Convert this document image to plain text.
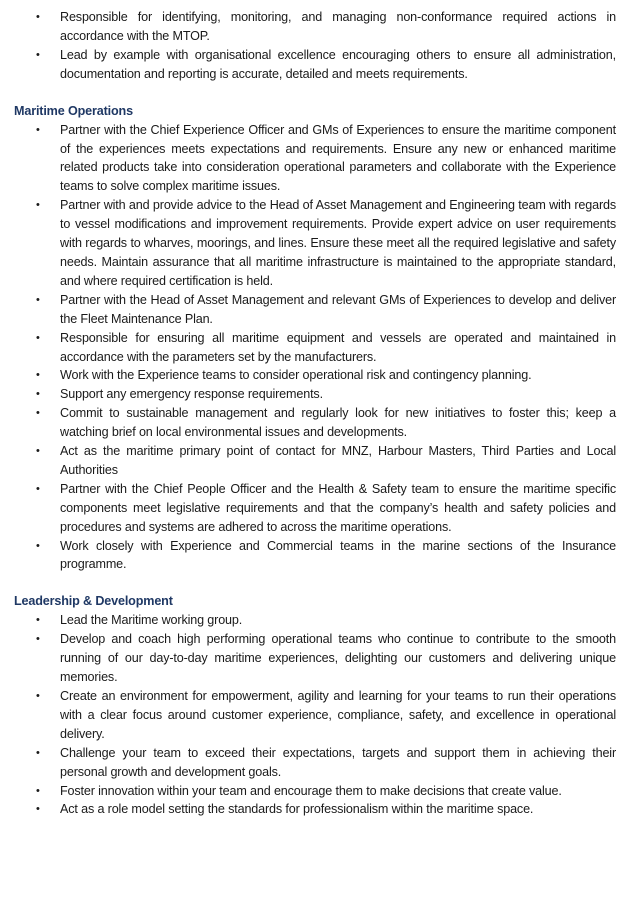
• Responsible for identifying, monitoring, and managing non-conformance required actions in accordance with the MTOP.
• Lead by example with organisational excellence encouraging others to ensure all administration, documentation and reporting is accurate, detailed and meets requirements.
Maritime Operations
• Partner with the Chief Experience Officer and GMs of Experiences to ensure the maritime component of the experiences meets expectations and requirements. Ensure any new or enhanced maritime related products take into consideration operational parameters and collaborate with the Experience teams to solve complex maritime issues.
• Partner with and provide advice to the Head of Asset Management and Engineering team with regards to vessel modifications and improvement requirements. Provide expert advice on user requirements with regards to wharves, moorings, and lines. Ensure these meet all the required legislative and safety needs. Maintain assurance that all maritime infrastructure is maintained to the appropriate standard, and where required certification is held.
• Partner with the Head of Asset Management and relevant GMs of Experiences to develop and deliver the Fleet Maintenance Plan.
• Responsible for ensuring all maritime equipment and vessels are operated and maintained in accordance with the parameters set by the manufacturers.
• Work with the Experience teams to consider operational risk and contingency planning.
• Support any emergency response requirements.
• Commit to sustainable management and regularly look for new initiatives to foster this; keep a watching brief on local environmental issues and developments.
• Act as the maritime primary point of contact for MNZ, Harbour Masters, Third Parties and Local Authorities
• Partner with the Chief People Officer and the Health & Safety team to ensure the maritime specific components meet legislative requirements and that the company’s health and safety policies and procedures and systems are adhered to across the maritime operations.
• Work closely with Experience and Commercial teams in the marine sections of the Insurance programme.
Leadership & Development
• Lead the Maritime working group.
• Develop and coach high performing operational teams who continue to contribute to the smooth running of our day-to-day maritime experiences, delighting our customers and delivering unique memories.
• Create an environment for empowerment, agility and learning for your teams to run their operations with a clear focus around customer experience, compliance, safety, and excellence in operational delivery.
• Challenge your team to exceed their expectations, targets and support them in achieving their personal growth and development goals.
• Foster innovation within your team and encourage them to make decisions that create value.
• Act as a role model setting the standards for professionalism within the maritime space.
